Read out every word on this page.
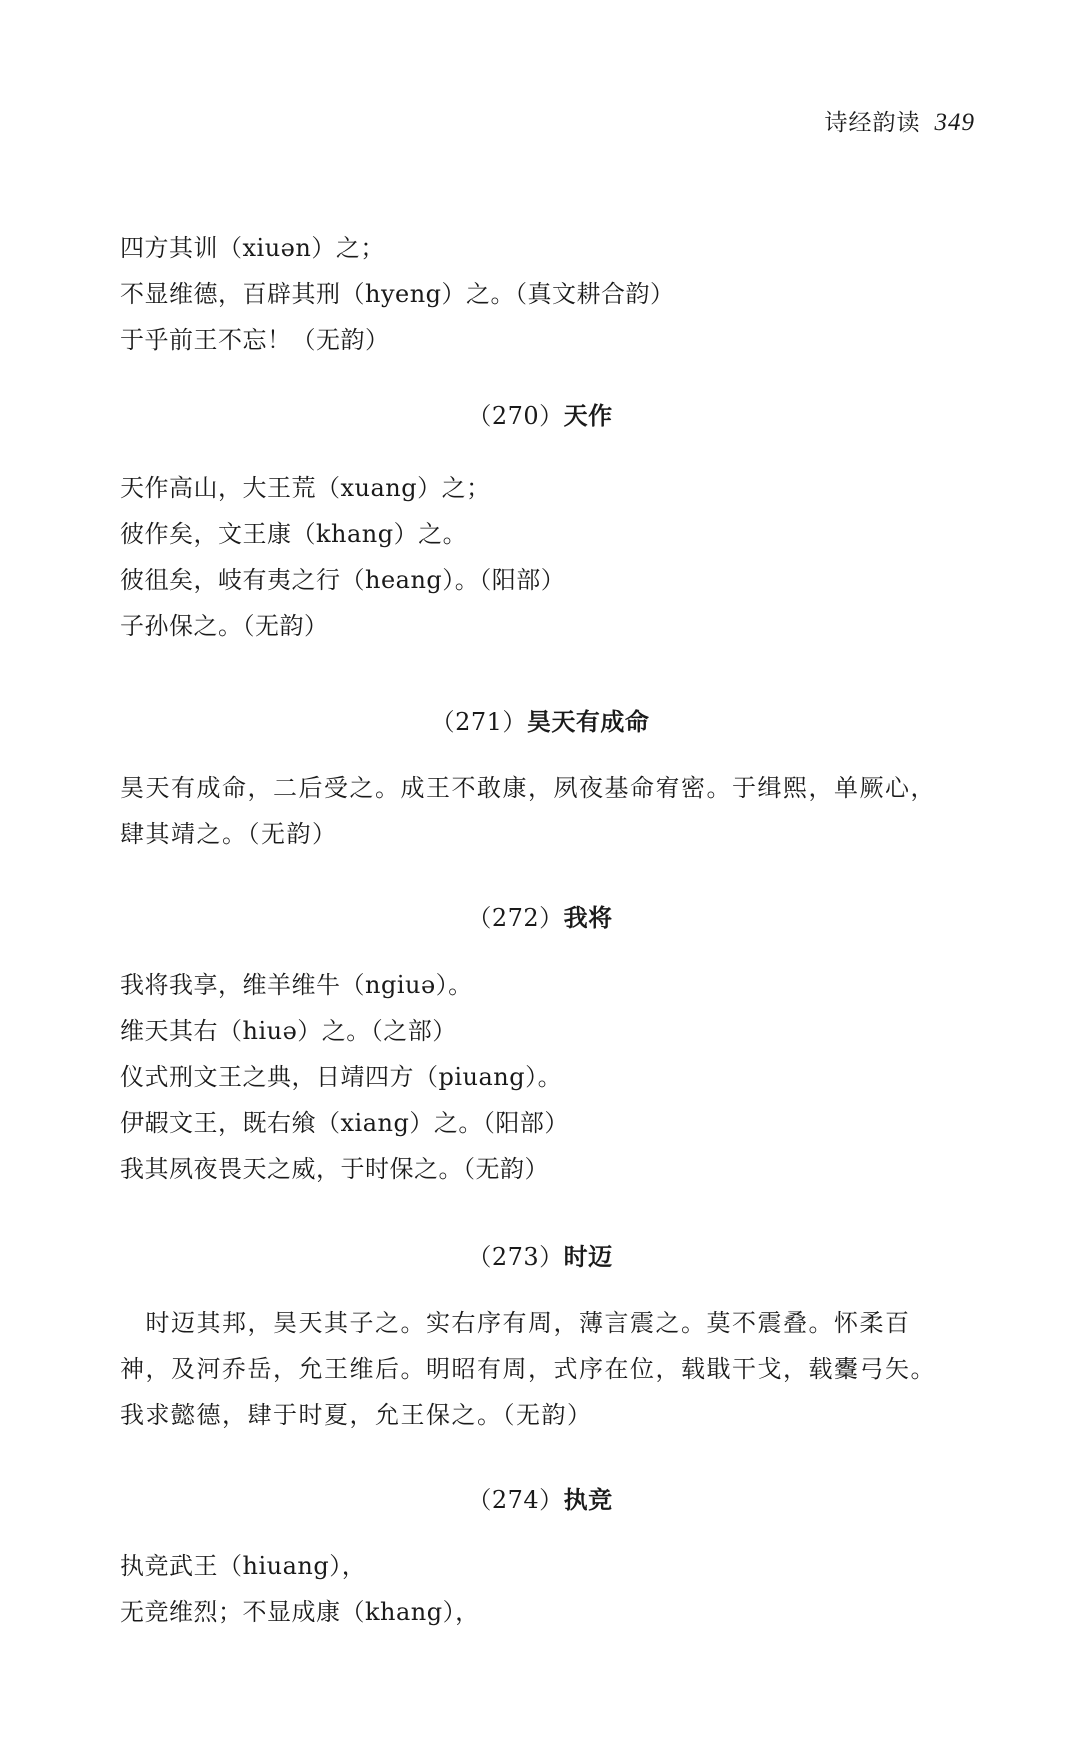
诗经韵读 349
四方其训（xiuən）之；
不显维德，百辟其刑（hyeng）之。（真文耕合韵）
于乎前王不忘！（无韵）
（270）天作
天作高山，大王荒（xuang）之；
彼作矣，文王康（khang）之。
彼徂矣，岐有夷之行（heang）。（阳部）
子孙保之。（无韵）
（271）昊天有成命
昊天有成命，二后受之。成王不敢康，夙夜基命宥密。于缉熙，单厥心，
肆其靖之。（无韵）
（272）我将
我将我享，维羊维牛（ngiuə）。
维天其右（hiuə）之。（之部）
仪式刑文王之典，日靖四方（piuang）。
伊嘏文王，既右飨（xiang）之。（阳部）
我其夙夜畏天之威，于时保之。（无韵）
（273）时迈
　时迈其邦，昊天其子之。实右序有周，薄言震之。莫不震叠。怀柔百
神，及河乔岳，允王维后。明昭有周，式序在位，载戢干戈，载櫜弓矢。
我求懿德，肆于时夏，允王保之。（无韵）
（274）执竞
执竞武王（hiuang），
无竞维烈；不显成康（khang），
